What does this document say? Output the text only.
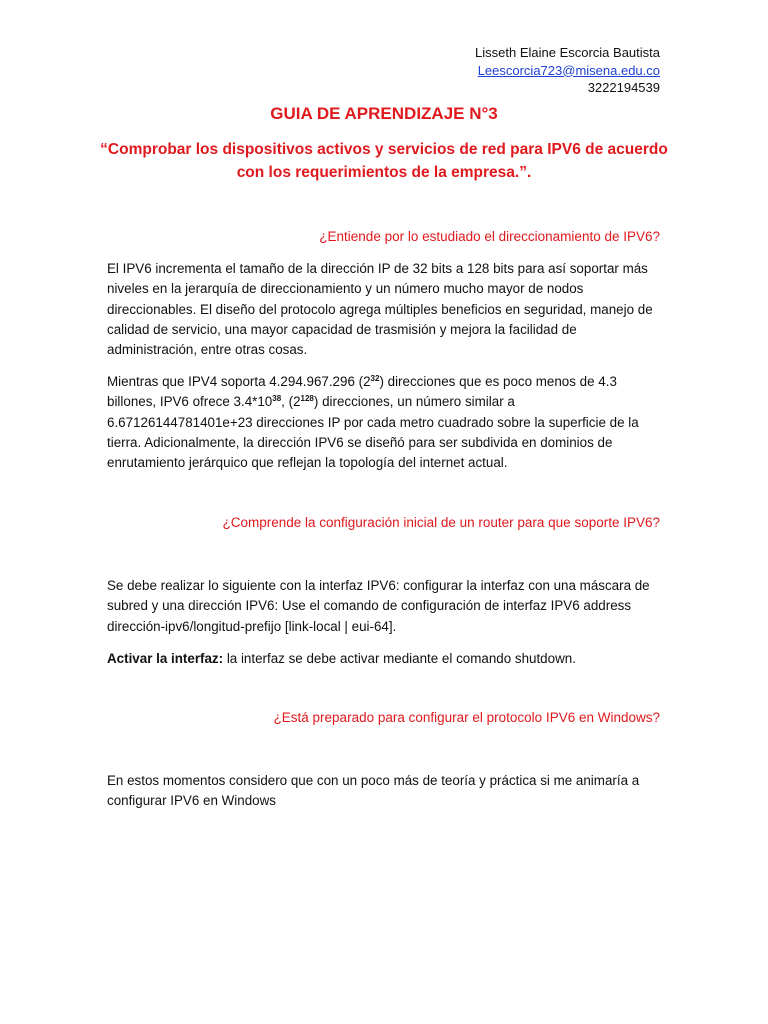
Lisseth Elaine Escorcia Bautista
Leescorcia723@misena.edu.co
3222194539
GUIA DE APRENDIZAJE N°3
“Comprobar los dispositivos activos y servicios de red para IPV6 de acuerdo
con los requerimientos de la empresa.”.

¿Entiende por lo estudiado el direccionamiento de IPV6?

El IPV6 incrementa el tamaño de la dirección IP de 32 bits a 128 bits para así soportar más niveles en la jerarquía de direccionamiento y un número mucho mayor de nodos direccionables. El diseño del protocolo agrega múltiples beneficios en seguridad, manejo de calidad de servicio, una mayor capacidad de trasmisión y mejora la facilidad de administración, entre otras cosas.

Mientras que IPV4 soporta 4.294.967.296 $(2^{32})$ direcciones que es poco menos de 4.3 billones, IPV6 ofrece $3.4*10^{38}$, $(2^{128})$ direcciones, un número similar a 6.67126144781401e+23 direcciones IP por cada metro cuadrado sobre la superficie de la tierra. Adicionalmente, la dirección IPV6 se diseñó para ser subdivida en dominios de enrutamiento jerárquico que reflejan la topología del internet actual.

¿Comprende la configuración inicial de un router para que soporte IPV6?

Se debe realizar lo siguiente con la interfaz IPV6: configurar la interfaz con una máscara de subred y una dirección IPV6: Use el comando de configuración de interfaz IPV6 address dirección-ipv6/longitud-prefijo [link-local | eui-64].

Activar la interfaz: la interfaz se debe activar mediante el comando shutdown.

¿Está preparado para configurar el protocolo IPV6 en Windows?

En estos momentos considero que con un poco más de teoría y práctica si me animaría a configurar IPV6 en Windows
